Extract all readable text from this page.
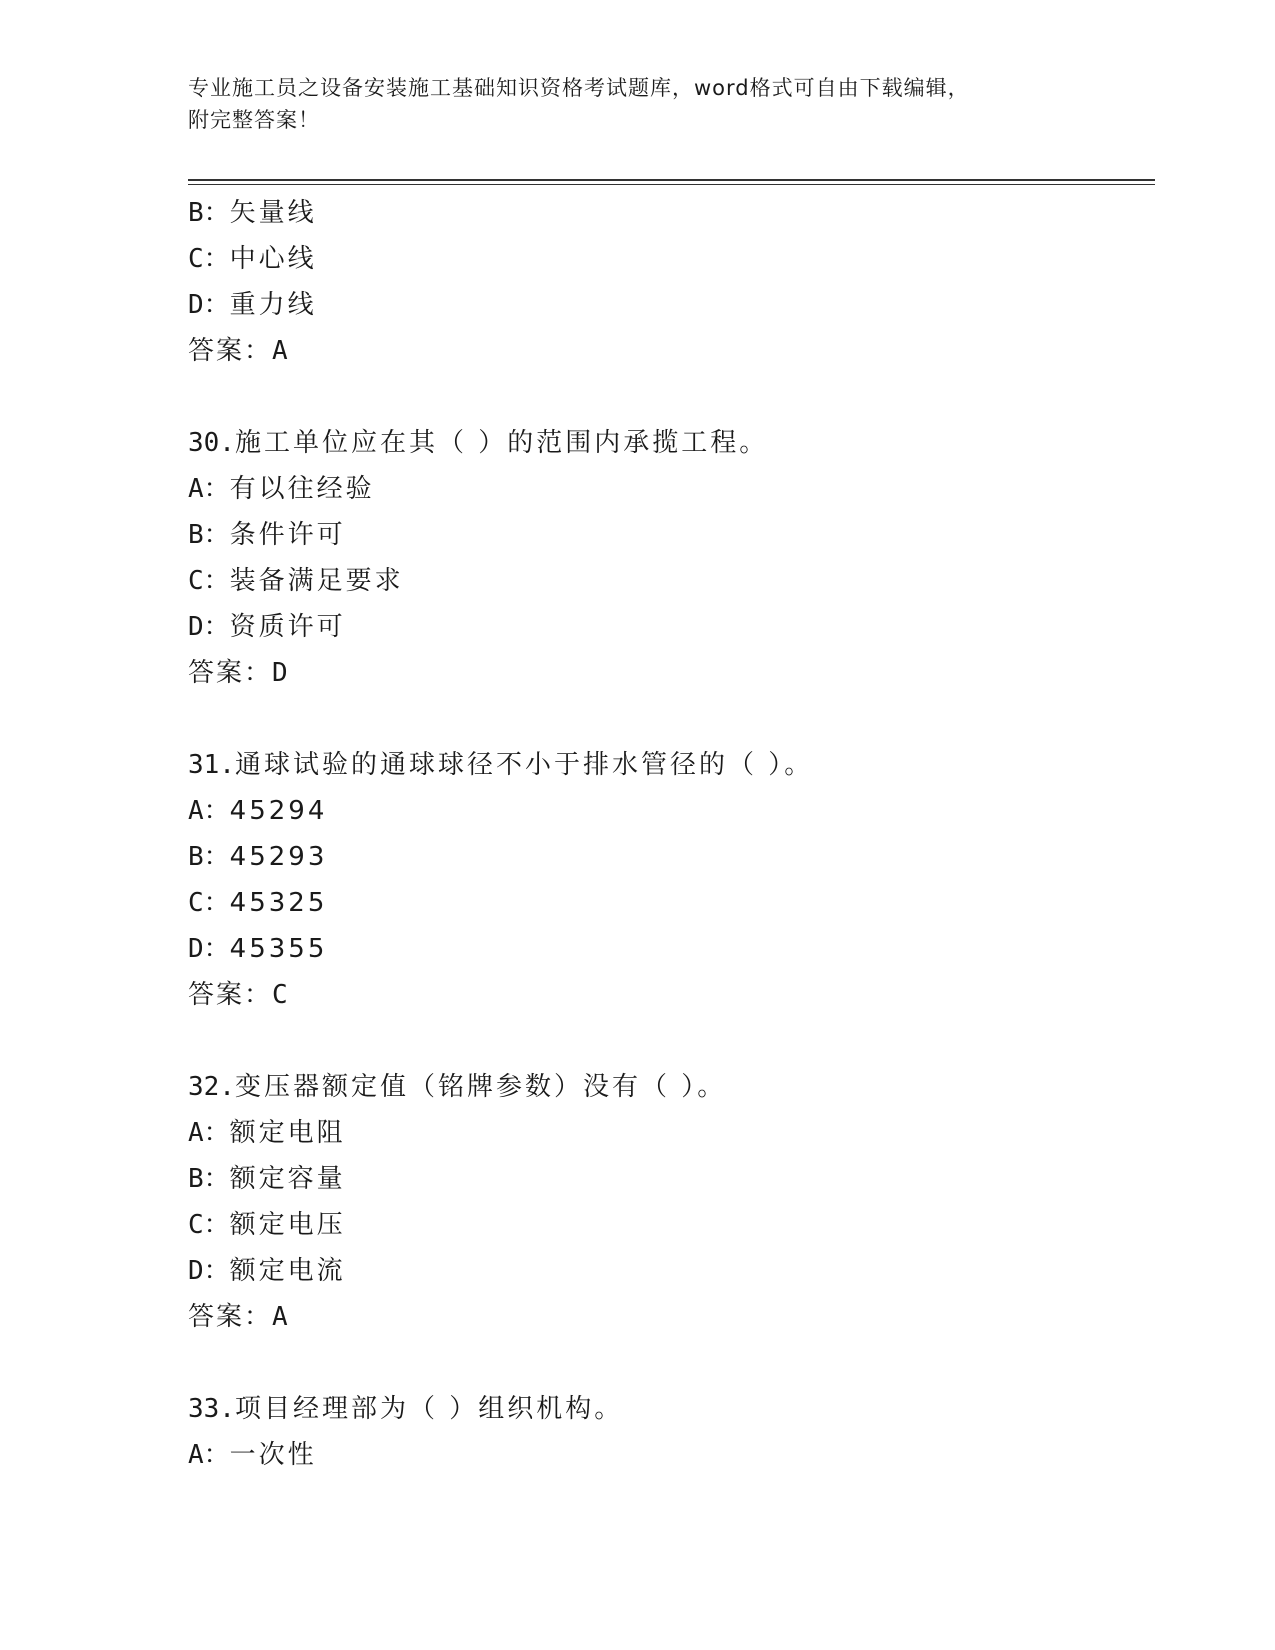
专业施工员之设备安装施工基础知识资格考试题库，word格式可自由下载编辑，
附完整答案！
B：矢量线
C：中心线
D：重力线
答案：A
30.施工单位应在其（ ）的范围内承揽工程。
A：有以往经验
B：条件许可
C：装备满足要求
D：资质许可
答案：D
31.通球试验的通球球径不小于排水管径的（ ）。
A：45294
B：45293
C：45325
D：45355
答案：C
32.变压器额定值（铭牌参数）没有（ ）。
A：额定电阻
B：额定容量
C：额定电压
D：额定电流
答案：A
33.项目经理部为（ ）组织机构。
A：一次性
